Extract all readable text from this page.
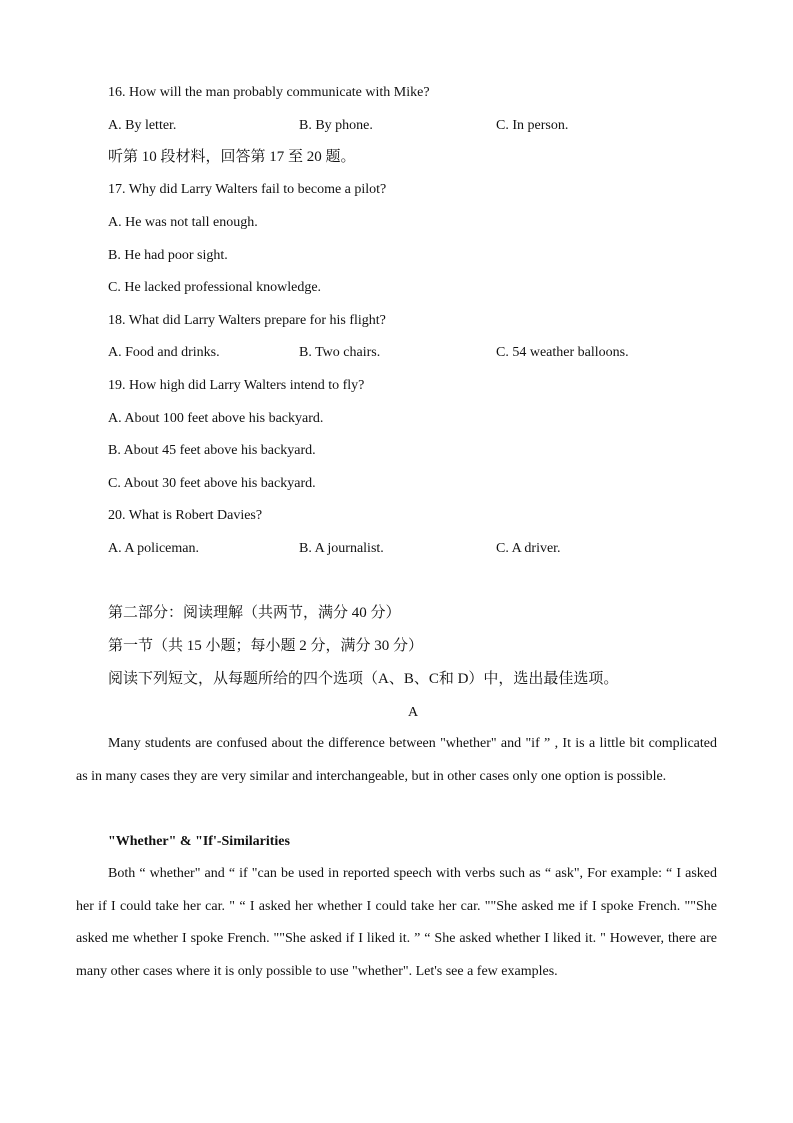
16. How will the man probably communicate with Mike?
A. By letter.	B. By phone.	C. In person.
听第 10 段材料，回答第 17 至 20 题。
17. Why did Larry Walters fail to become a pilot?
A. He was not tall enough.
B. He had poor sight.
C. He lacked professional knowledge.
18. What did Larry Walters prepare for his flight?
A. Food and drinks.	B. Two chairs.	C. 54 weather balloons.
19. How high did Larry Walters intend to fly?
A. About 100 feet above his backyard.
B. About 45 feet above his backyard.
C. About 30 feet above his backyard.
20. What is Robert Davies?
A. A policeman.	B. A journalist.	C. A driver.
第二部分：阅读理解（共两节，满分 40 分）
第一节（共 15 小题；每小题 2 分，满分 30 分）
阅读下列短文，从每题所给的四个选项（A、B、C和 D）中，选出最佳选项。
A

Many students are confused about the difference between "whether" and "if ” , It is a little bit complicated as in many cases they are very similar and interchangeable, but in other cases only one option is possible.

"Whether" & "If'-Similarities

Both “ whether" and “ if "can be used in reported speech with verbs such as “ ask", For example: “ I asked her if I could take her car. " “ I asked her whether I could take her car. ""She asked me if I spoke French. ""She asked me whether I spoke French. ""She asked if I liked it. ” “ She asked whether I liked it. " However, there are many other cases where it is only possible to use "whether". Let's see a few examples.
